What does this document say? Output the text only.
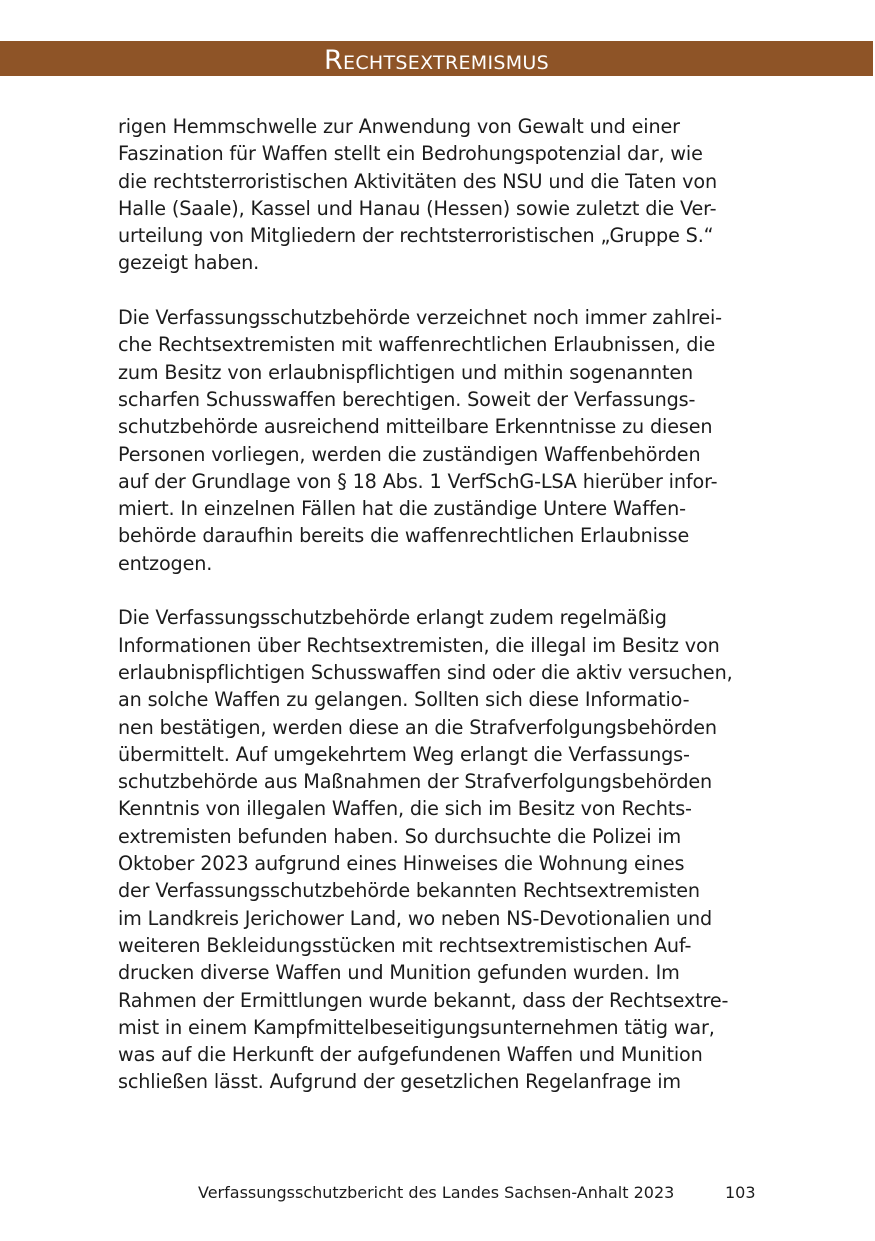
Rechtsextremismus
rigen Hemmschwelle zur Anwendung von Gewalt und einer
Faszination für Waffen stellt ein Bedrohungspotenzial dar, wie
die rechtsterroristischen Aktivitäten des NSU und die Taten von
Halle (Saale), Kassel und Hanau (Hessen) sowie zuletzt die Ver-
urteilung von Mitgliedern der rechtsterroristischen „Gruppe S.“
gezeigt haben.
Die Verfassungsschutzbehörde verzeichnet noch immer zahlrei-
che Rechtsextremisten mit waffenrechtlichen Erlaubnissen, die
zum Besitz von erlaubnispflichtigen und mithin sogenannten
scharfen Schusswaffen berechtigen. Soweit der Verfassungs-
schutzbehörde ausreichend mitteilbare Erkenntnisse zu diesen
Personen vorliegen, werden die zuständigen Waffenbehörden
auf der Grundlage von § 18 Abs. 1 VerfSchG-LSA hierüber infor-
miert. In einzelnen Fällen hat die zuständige Untere Waffen-
behörde daraufhin bereits die waffenrechtlichen Erlaubnisse
entzogen.
Die Verfassungsschutzbehörde erlangt zudem regelmäßig
Informationen über Rechtsextremisten, die illegal im Besitz von
erlaubnispflichtigen Schusswaffen sind oder die aktiv versuchen,
an solche Waffen zu gelangen. Sollten sich diese Informatio-
nen bestätigen, werden diese an die Strafverfolgungsbehörden
übermittelt. Auf umgekehrtem Weg erlangt die Verfassungs-
schutzbehörde aus Maßnahmen der Strafverfolgungsbehörden
Kenntnis von illegalen Waffen, die sich im Besitz von Rechts-
extremisten befunden haben. So durchsuchte die Polizei im
Oktober 2023 aufgrund eines Hinweises die Wohnung eines
der Verfassungsschutzbehörde bekannten Rechtsextremisten
im Landkreis Jerichower Land, wo neben NS-Devotionalien und
weiteren Bekleidungsstücken mit rechtsextremistischen Auf-
drucken diverse Waffen und Munition gefunden wurden. Im
Rahmen der Ermittlungen wurde bekannt, dass der Rechtsextre-
mist in einem Kampfmittelbeseitigungsunternehmen tätig war,
was auf die Herkunft der aufgefundenen Waffen und Munition
schließen lässt. Aufgrund der gesetzlichen Regelanfrage im
Verfassungsschutzbericht des Landes Sachsen-Anhalt 2023	103
